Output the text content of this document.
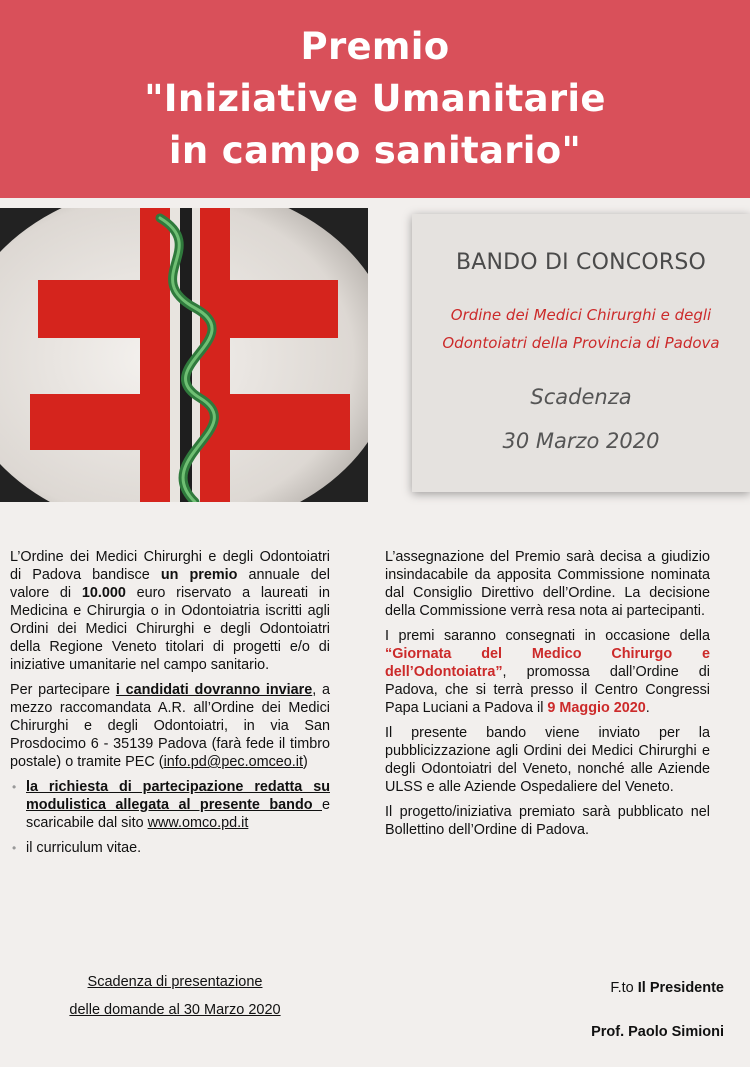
Premio
"Iniziative Umanitarie
in campo sanitario"
BANDO DI CONCORSO
Ordine dei Medici Chirurghi e degli
Odontoiatri della Provincia di Padova
Scadenza
30 Marzo 2020

L’Ordine dei Medici Chirurghi e degli Odontoiatri di Padova bandisce un premio annuale del valore di 10.000 euro riservato a laureati in Medicina e Chirurgia o in Odontoiatria iscritti agli Ordini dei Medici Chirurghi e degli Odontoiatri della Regione Veneto titolari di progetti e/o di iniziative umanitarie nel campo sanitario.

Per partecipare i candidati dovranno inviare, a mezzo raccomandata A.R. all’Ordine dei Medici Chirurghi e degli Odontoiatri, in via San Prosdocimo 6 - 35139 Padova (farà fede il timbro postale) o tramite PEC (info.pd@pec.omceo.it)

• la richiesta di partecipazione redatta su modulistica allegata al presente bando e scaricabile dal sito www.omco.pd.it
• il curriculum vitae.
Scadenza di presentazione
delle domande al 30 Marzo 2020

L’assegnazione del Premio sarà decisa a giudizio insindacabile da apposita Commissione nominata dal Consiglio Direttivo dell’Ordine. La decisione della Commissione verrà resa nota ai partecipanti.

I premi saranno consegnati in occasione della “Giornata del Medico Chirurgo e dell’Odontoiatra”, promossa dall’Ordine di Padova, che si terrà presso il Centro Congressi Papa Luciani a Padova il 9 Maggio 2020.

Il presente bando viene inviato per la pubblicizzazione agli Ordini dei Medici Chirurghi e degli Odontoiatri del Veneto, nonché alle Aziende ULSS e alle Aziende Ospedaliere del Veneto.

Il progetto/iniziativa premiato sarà pubblicato nel Bollettino dell’Ordine di Padova.

F.to Il Presidente
Prof. Paolo Simioni
